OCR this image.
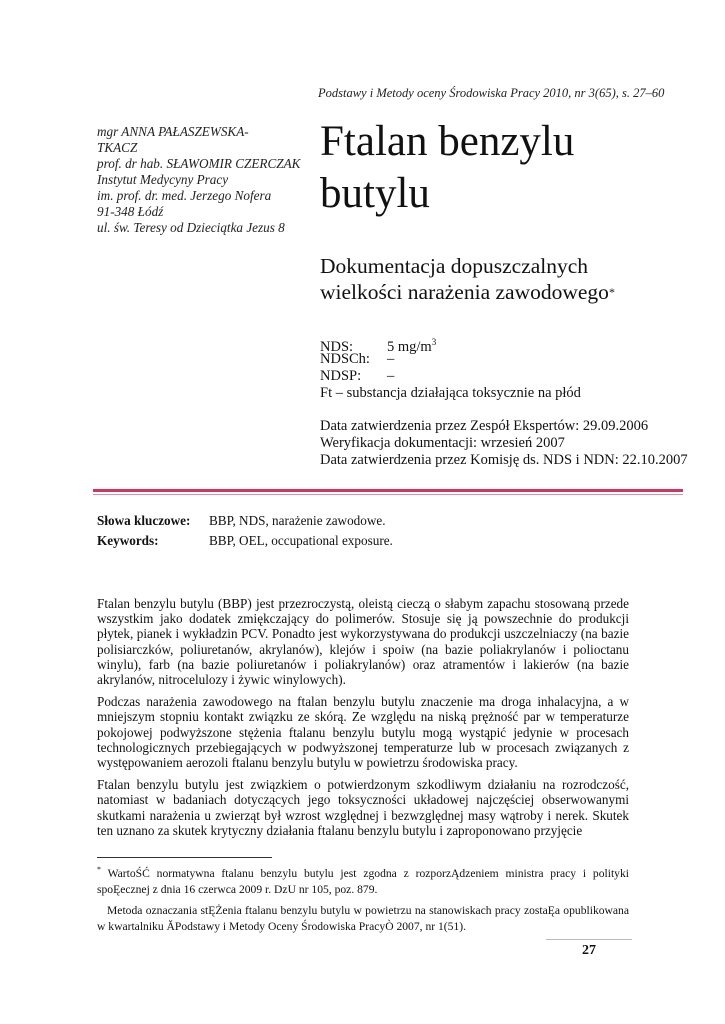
Podstawy i Metody oceny Środowiska Pracy 2010, nr 3(65), s. 27–60
mgr ANNA PAŁASZEWSKA-
TKACZ
prof. dr hab. SŁAWOMIR CZERCZAK
Instytut Medycyny Pracy
im. prof. dr. med. Jerzego Nofera
91-348 Łódź
ul. św. Teresy od Dzieciątka Jezus 8
Ftalan benzylu
butylu
Dokumentacja dopuszczalnych
wielkości narażenia zawodowego*
NDS: 5 $mg/m^3$
NDSCh: –
NDSP: –
Ft – substancja działająca toksycznie na płód
Data zatwierdzenia przez Zespół Ekspertów: 29.09.2006
Weryfikacja dokumentacji: wrzesień 2007
Data zatwierdzenia przez Komisję ds. NDS i NDN: 22.10.2007
Słowa kluczowe: BBP, NDS, narażenie zawodowe.
Keywords:	BBP, OEL, occupational exposure.

Ftalan benzylu butylu (BBP) jest przezroczystą, oleistą cieczą o słabym zapachu stosowaną przede wszystkim jako dodatek zmiękczający do polimerów. Stosuje się ją powszechnie do produkcji płytek, pianek i wykładzin PCV. Ponadto jest wykorzystywana do produkcji uszczelniaczy (na bazie polisiarczków, poliuretanów, akrylanów), klejów i spoiw (na bazie poliakrylanów i polioctanu winylu), farb (na bazie poliuretanów i poliakrylanów) oraz atramentów i lakierów (na bazie akrylanów, nitrocelulozy i żywic winylowych).

Podczas narażenia zawodowego na ftalan benzylu butylu znaczenie ma droga inhalacyjna, a w mniejszym stopniu kontakt związku ze skórą. Ze względu na niską prężność par w temperaturze pokojowej podwyższone stężenia ftalanu benzylu butylu mogą wystąpić jedynie w procesach technologicznych przebiegających w podwyższonej temperaturze lub w procesach związanych z występowaniem aerozoli ftalanu benzylu butylu w powietrzu środowiska pracy.

Ftalan benzylu butylu jest związkiem o potwierdzonym szkodliwym działaniu na rozrodczość, natomiast w badaniach dotyczących jego toksyczności układowej najczęściej obserwowanymi skutkami narażenia u zwierząt był wzrost względnej i bezwzględnej masy wątroby i nerek. Skutek ten uznano za skutek krytyczny działania ftalanu benzylu butylu i zaproponowano przyjęcie

* WartoŚĆ normatywna ftalanu benzylu butylu jest zgodna z rozporzĄdzeniem ministra pracy i polityki spoĘecznej z dnia 16 czerwca 2009 r. DzU nr 105, poz. 879.

Metoda oznaczania stĘŻenia ftalanu benzylu butylu w powietrzu na stanowiskach pracy zostaĘa opublikowana w kwartalniku ĂPodstawy i Metody Oceny Środowiska PracyÒ 2007, nr 1(51).

27
